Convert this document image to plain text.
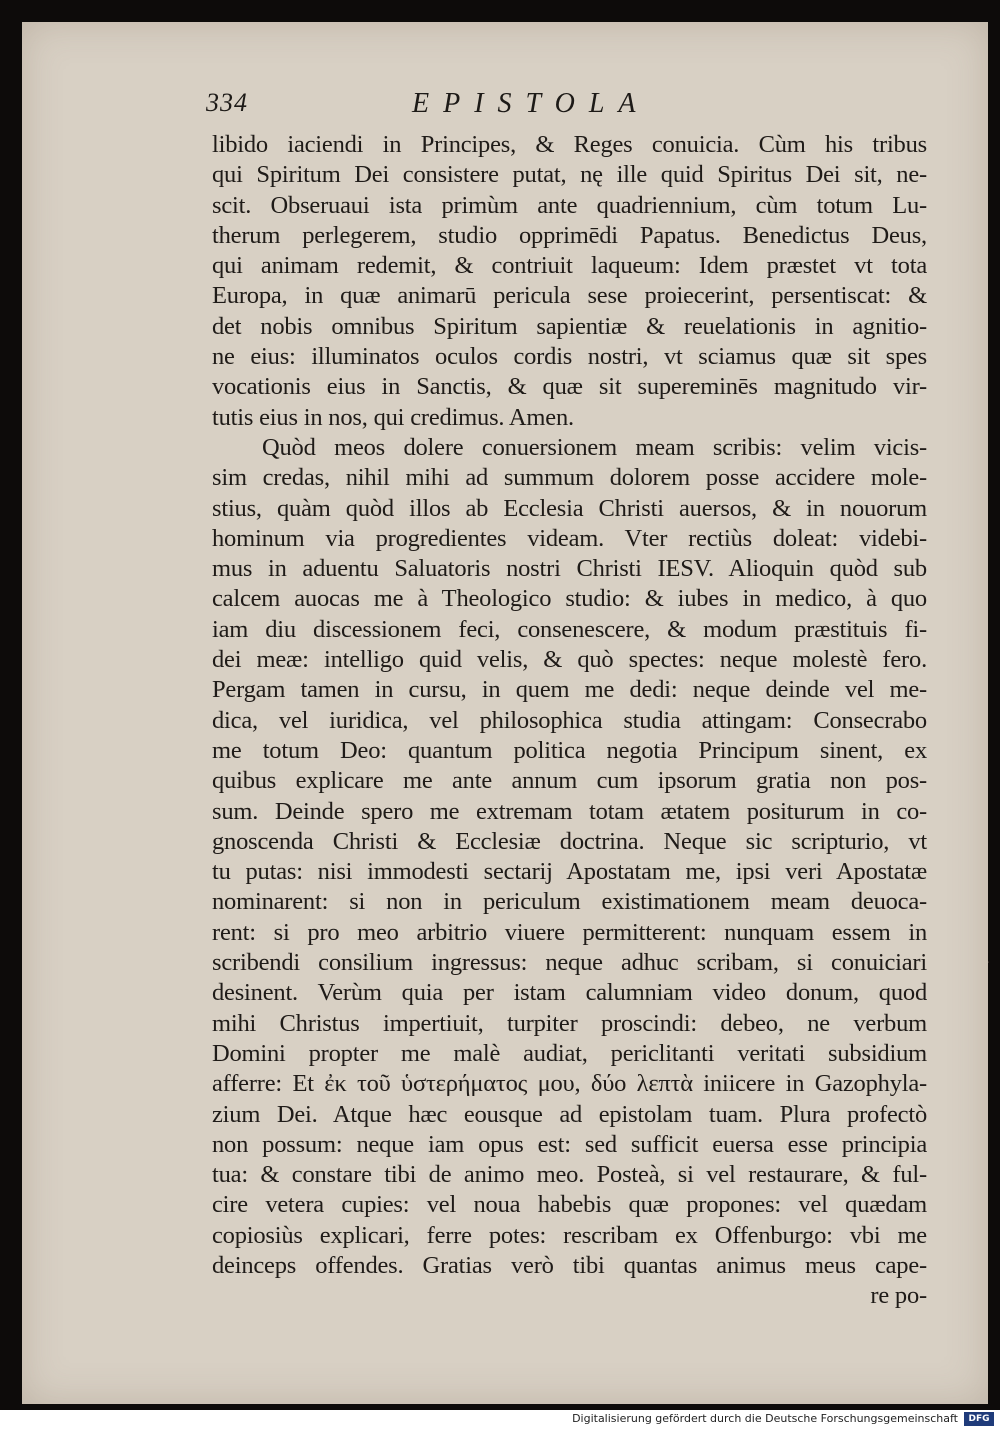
334	EPISTOLA
libido iaciendi in Principes, & Reges conuicia. Cùm his tribus
qui Spiritum Dei consistere putat, nę ille quid Spiritus Dei sit, ne-
scit. Obseruaui ista primùm ante quadriennium, cùm totum Lu-
therum perlegerem, studio opprimēdi Papatus. Benedictus Deus,
qui animam redemit, & contriuit laqueum: Idem præstet vt tota
Europa, in quæ animarū pericula sese proiecerint, persentiscat: &
det nobis omnibus Spiritum sapientiæ & reuelationis in agnitio-
ne eius: illuminatos oculos cordis nostri, vt sciamus quæ sit spes
vocationis eius in Sanctis, & quæ sit supereminēs magnitudo vir-
tutis eius in nos, qui credimus. Amen.
Quòd meos dolere conuersionem meam scribis: velim vicis-
sim credas, nihil mihi ad summum dolorem posse accidere mole-
stius, quàm quòd illos ab Ecclesia Christi auersos, & in nouorum
hominum via progredientes videam. Vter rectiùs doleat: videbi-
mus in aduentu Saluatoris nostri Christi IESV. Alioquin quòd sub
calcem auocas me à Theologico studio: & iubes in medico, à quo
iam diu discessionem feci, consenescere, & modum præstituis fi-
dei meæ: intelligo quid velis, & quò spectes: neque molestè fero.
Pergam tamen in cursu, in quem me dedi: neque deinde vel me-
dica, vel iuridica, vel philosophica studia attingam: Consecrabo
me totum Deo: quantum politica negotia Principum sinent, ex
quibus explicare me ante annum cum ipsorum gratia non pos-
sum. Deinde spero me extremam totam ætatem positurum in co-
gnoscenda Christi & Ecclesiæ doctrina. Neque sic scripturio, vt
tu putas: nisi immodesti sectarij Apostatam me, ipsi veri Apostatæ
nominarent: si non in periculum existimationem meam deuoca-
rent: si pro meo arbitrio viuere permitterent: nunquam essem in
scribendi consilium ingressus: neque adhuc scribam, si conuiciari
desinent. Verùm quia per istam calumniam video donum, quod
mihi Christus impertiuit, turpiter proscindi: debeo, ne verbum
Domini propter me malè audiat, periclitanti veritati subsidium
afferre: Et ἐκ τοῦ ὑστερήματος μου, δύο λεπτὰ iniicere in Gazophyla-
zium Dei. Atque hæc eousque ad epistolam tuam. Plura profectò
non possum: neque iam opus est: sed sufficit euersa esse principia
tua: & constare tibi de animo meo. Posteà, si vel restaurare, & ful-
cire vetera cupies: vel noua habebis quæ propones: vel quædam
copiosiùs explicari, ferre potes: rescribam ex Offenburgo: vbi me
deinceps offendes. Gratias verò tibi quantas animus meus cape-
re po-
Digitalisierung gefördert durch die Deutsche Forschungsgemeinschaft	DFG
